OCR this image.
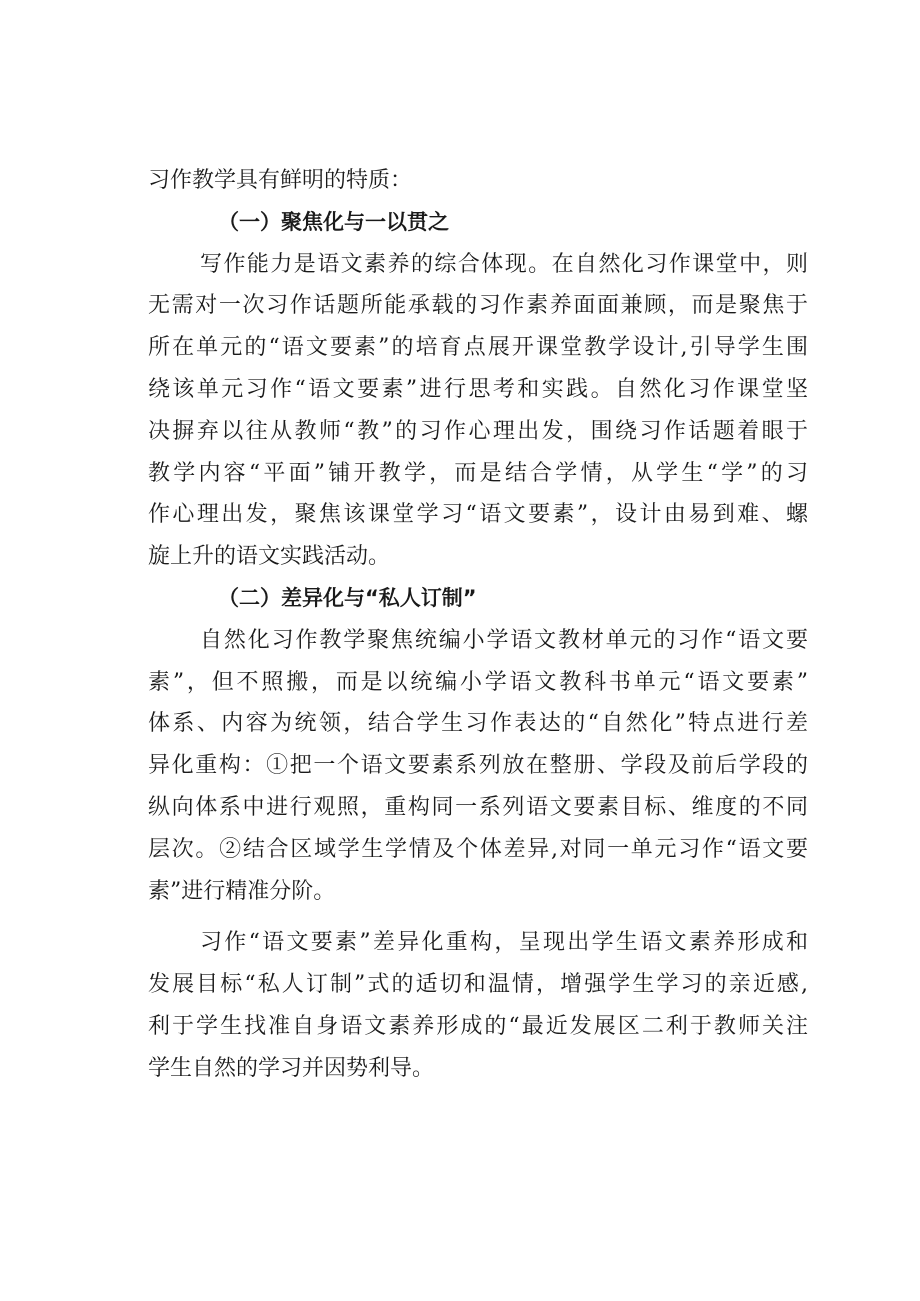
习作教学具有鲜明的特质：
（一）聚焦化与一以贯之
写作能力是语文素养的综合体现。在自然化习作课堂中，则
无需对一次习作话题所能承载的习作素养面面兼顾，而是聚焦于
所在单元的“语文要素”的培育点展开课堂教学设计,引导学生围
绕该单元习作“语文要素”进行思考和实践。自然化习作课堂坚
决摒弃以往从教师“教”的习作心理出发，围绕习作话题着眼于
教学内容“平面”铺开教学，而是结合学情，从学生“学”的习
作心理出发，聚焦该课堂学习“语文要素”，设计由易到难、螺
旋上升的语文实践活动。
（二）差异化与“私人订制”
自然化习作教学聚焦统编小学语文教材单元的习作“语文要
素”，但不照搬，而是以统编小学语文教科书单元“语文要素”
体系、内容为统领，结合学生习作表达的“自然化”特点进行差
异化重构：①把一个语文要素系列放在整册、学段及前后学段的
纵向体系中进行观照，重构同一系列语文要素目标、维度的不同
层次。②结合区域学生学情及个体差异,对同一单元习作“语文要
素”进行精准分阶。
习作“语文要素”差异化重构，呈现出学生语文素养形成和
发展目标“私人订制”式的适切和温情，增强学生学习的亲近感,
利于学生找准自身语文素养形成的“最近发展区二利于教师关注
学生自然的学习并因势利导。
